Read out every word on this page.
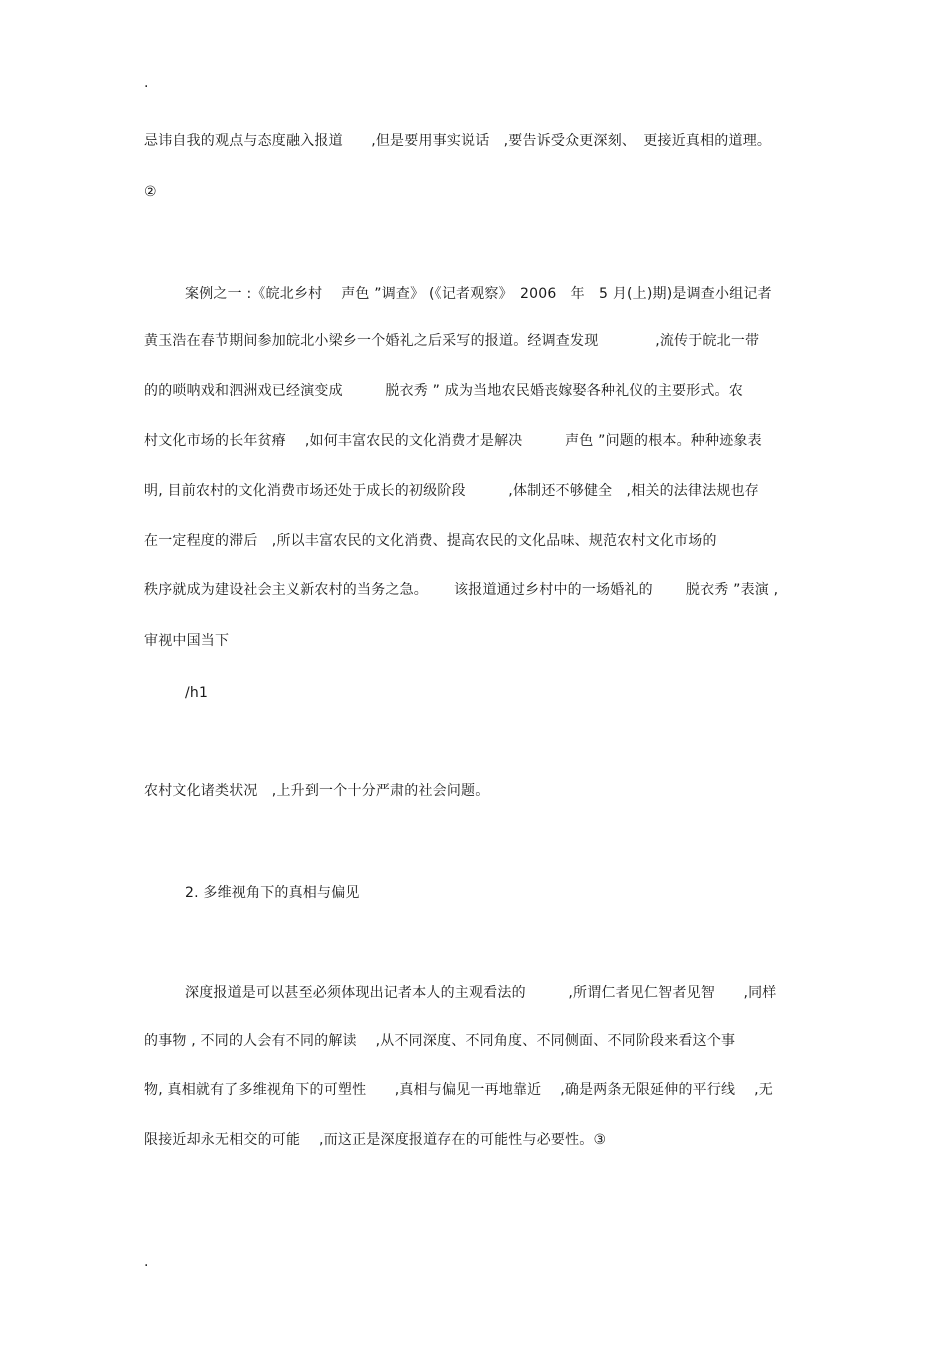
.
忌讳自我的观点与态度融入报道　　,但是要用事实说话　,要告诉受众更深刻、　更接近真相的道理。
②
案例之一 :《皖北乡村　 声色 ”调查》 (《记者观察》　2006　年　5 月(上)期)是调查小组记者
黄玉浩在春节期间参加皖北小梁乡一个婚礼之后采写的报道。经调查发现　　　　,流传于皖北一带
的的唢呐戏和泗洲戏已经演变成　　　脱衣秀 ” 成为当地农民婚丧嫁娶各种礼仪的主要形式。农
村文化市场的长年贫瘠　 ,如何丰富农民的文化消费才是解决　　　声色 ”问题的根本。种种迹象表
明, 目前农村的文化消费市场还处于成长的初级阶段　　　,体制还不够健全　,相关的法律法规也存
在一定程度的滞后　,所以丰富农民的文化消费、提高农民的文化品味、规范农村文化市场的
秩序就成为建设社会主义新农村的当务之急。　　 该报道通过乡村中的一场婚礼的　　 脱衣秀 ”表演 ,
审视中国当下
/h1
农村文化诸类状况　,上升到一个十分严肃的社会问题。
2. 多维视角下的真相与偏见
深度报道是可以甚至必须体现出记者本人的主观看法的　　　,所谓仁者见仁智者见智　　,同样
的事物 , 不同的人会有不同的解读　 ,从不同深度、不同角度、不同侧面、不同阶段来看这个事
物, 真相就有了多维视角下的可塑性　　,真相与偏见一再地靠近　 ,确是两条无限延伸的平行线　 ,无
限接近却永无相交的可能　 ,而这正是深度报道存在的可能性与必要性。③
.
